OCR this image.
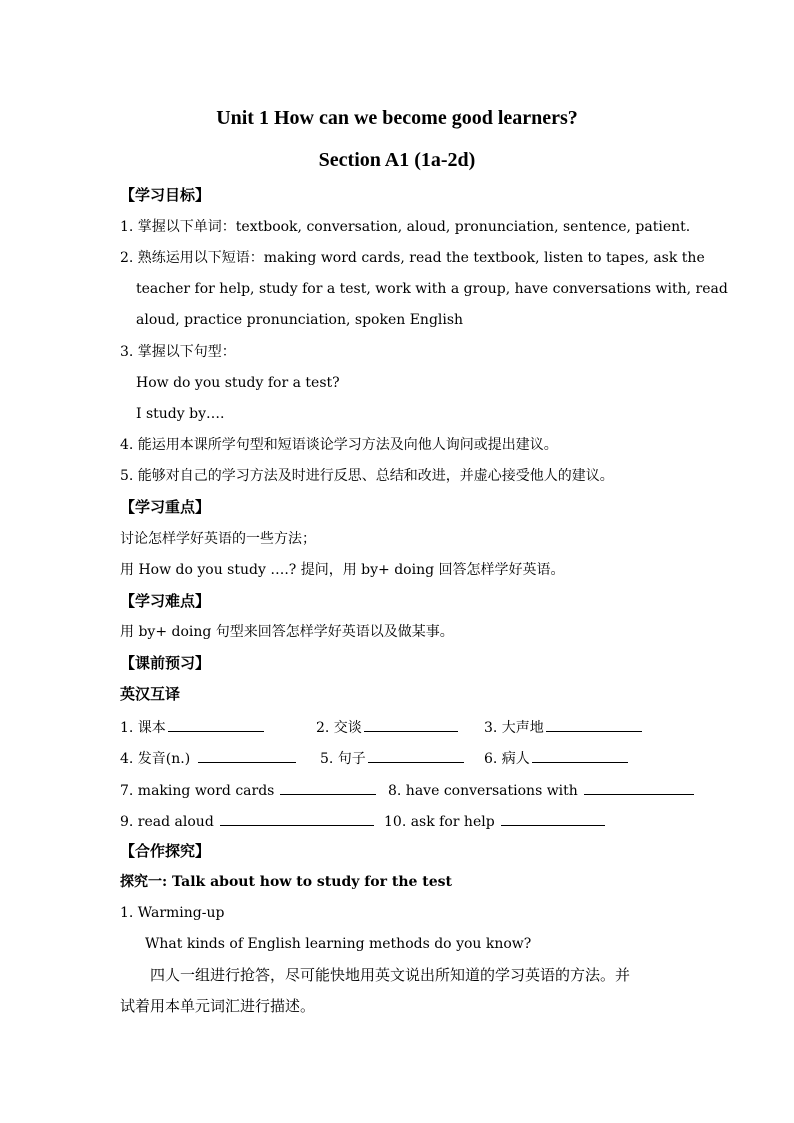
Unit 1 How can we become good learners?
Section A1 (1a-2d)
【学习目标】
1. 掌握以下单词：textbook, conversation, aloud, pronunciation, sentence, patient.
2. 熟练运用以下短语：making word cards, read the textbook, listen to tapes, ask the
teacher for help, study for a test, work with a group, have conversations with, read
aloud, practice pronunciation, spoken English
3. 掌握以下句型：
How do you study for a test?
I study by….
4. 能运用本课所学句型和短语谈论学习方法及向他人询问或提出建议。
5. 能够对自己的学习方法及时进行反思、总结和改进，并虚心接受他人的建议。
【学习重点】
讨论怎样学好英语的一些方法；
用 How do you study ….? 提问，用 by+ doing 回答怎样学好英语。
【学习难点】
用 by+ doing 句型来回答怎样学好英语以及做某事。
【课前预习】
英汉互译
1. 课本	2. 交谈	3. 大声地
4. 发音(n.)	5. 句子	6. 病人
7. making word cards	8. have conversations with
9. read aloud	10. ask for help
【合作探究】
探究一: Talk about how to study for the test
1. Warming-up
What kinds of English learning methods do you know?
四人一组进行抢答，尽可能快地用英文说出所知道的学习英语的方法。并
试着用本单元词汇进行描述。
